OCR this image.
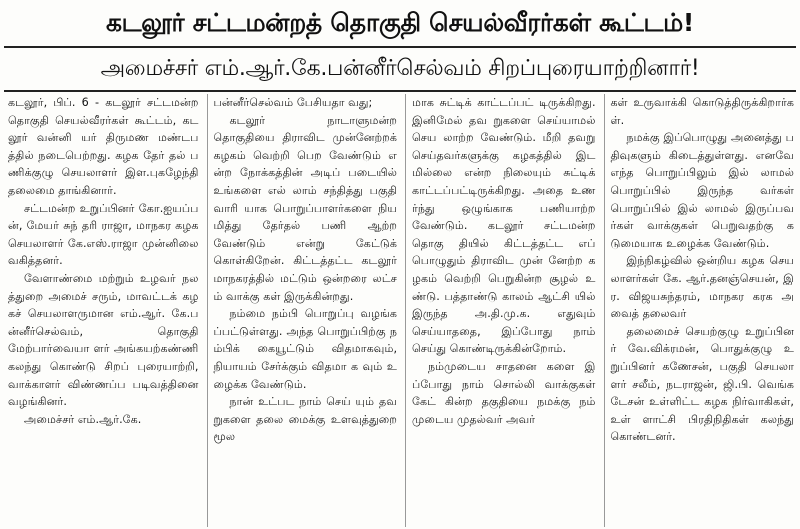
கடலூர் சட்டமன்றத் தொகுதி செயல்வீரர்கள் கூட்டம்!
அமைச்சர் எம்.ஆர்.கே.பன்னீர்செல்வம் சிறப்புரையாற்றினார்!

கடலூர், பிப். 6 - கடலூர் சட்டமன்ற தொகுதி செயல்வீரர்கள் கூட்டம், கடலூர் வன்னி யர் திருமண மண்டபத்தில் நடைபெற்றது. கழக தேர் தல் பணிக்குழு செயலாளர் இள.புகழேந்தி தலைமை தாங்கினார்.

சட்டமன்ற உறுப்பினர் கோ.ஐயப்பன், மேயர் சுந் தரி ராஜா, மாநகர கழக செயலாளர் கே.எஸ்.ராஜா முன்னிலை வகித்தனர்.

வேளாண்மை மற்றும் உழவர் நலத்துறை அமைச் சரும், மாவட்டக் கழகச் செயலாளருமான எம்.ஆர். கே.பன்னீர்செல்வம், தொகுதி மேற்பார்வையா ளர் அங்கயற்கண்ணி கலந்து கொண்டு சிறப் புரையாற்றி, வாக்காளர் விண்ணப்ப படிவத்தினை வழங்கினர்.

அமைச்சர் எம்.ஆர்.கே.

பன்னீர்செல்வம் பேசியதா வது;

கடலூர் நாடாளுமன்ற தொகுதியை திராவிட முன்னேற்றக் கழகம் வெற்றி பெற வேண்டும் என்ற நோக்கத்தின் அடிப் படையில் உங்களை எல் லாம் சந்தித்து பகுதி வாரி யாக பொறுப்பாளர்களை நியமித்து தேர்தல் பணி ஆற்ற வேண்டும் என்று கேட்டுக் கொள்கிறேன். கிட்டத்தட்ட கடலூர் மாநகரத்தில் மட்டும் ஒன்றரை லட்சம் வாக்கு கள் இருக்கின்றது.

நம்மை நம்பி பொறுப்பு வழங்கப்பட்டுள்ளது. அந்த பொறுப்பிற்கு நம்பிக் கையூட்டும் விதமாகவும், நியாயம் சேர்க்கும் விதமா க வும் உழைக்க வேண்டும்.

நான் உட்பட நாம் செய் யும் தவறுகளை தலை மைக்கு உளவுத்துறை மூல

மாக சுட்டிக் காட்டப்பட் டிருக்கிறது. இனிமேல் தவ றுகளை செய்யாமல் செய லாற்ற வேண்டும். மீறி தவறு செய்தவர்களுக்கு கழகத்தில் இடமில்லை என்ற நிலையும் சுட்டிக் காட்டப்பட்டிருக்கிறது. அதை உணர்ந்து ஒழுங்காக பணியாற்ற வேண்டும். கடலூர் சட்டமன்ற தொகு தியில் கிட்டத்தட்ட எப் பொழுதும் திராவிட முன் னேற்ற கழகம் வெற்றி பெறுகின்ற சூழல் உண்டு. பத்தாண்டு காலம் ஆட்சி யில் இருந்த அ.தி.மு.க. எதுவும் செய்யாததை, இப்போது நாம் செய்து கொண்டிருக்கின்றோம்.

நம்முடைய சாதனை களை இப்போது நாம் சொல்லி வாக்குகள் கேட் கின்ற தகுதியை நமக்கு நம் முடைய முதல்வர் அவர்

கள் உருவாக்கி கொடுத்திருக்கிறார்கள்.

நமக்கு இப்பொழுது அனைத்து பதிவுகளும் கிடைத்துள்ளது. எனவே எந்த பொறுப்பிலும் இல் லாமல் பொறுப்பில் இருந்த வர்கள் பொறுப்பில் இல் லாமல் இருப்பவர்கள் வாக்குகள் பெறுவதற்கு கடுமையாக உழைக்க வேண்டும்.

இந்நிகழ்வில் ஒன்றிய கழக செயலாளர்கள் கே. ஆர்.தனஞ்செயன், இர. விஜயசுந்தரம், மாநகர கரக அவைத் தலைவர்

தலைமைச் செயற்குழு உறுப்பினர் வே.விக்ரமன், பொதுக்குழு உறுப்பினர் கணேசன், பகுதி செயலா ளர் சலீம், நடராஜன், ஜி.பி. வெங்கடேசன் உள்ளிட்ட கழக நிர்வாகிகள், உள் ளாட்சி பிரதிநிதிகள் கலந்து கொண்டனர்.
